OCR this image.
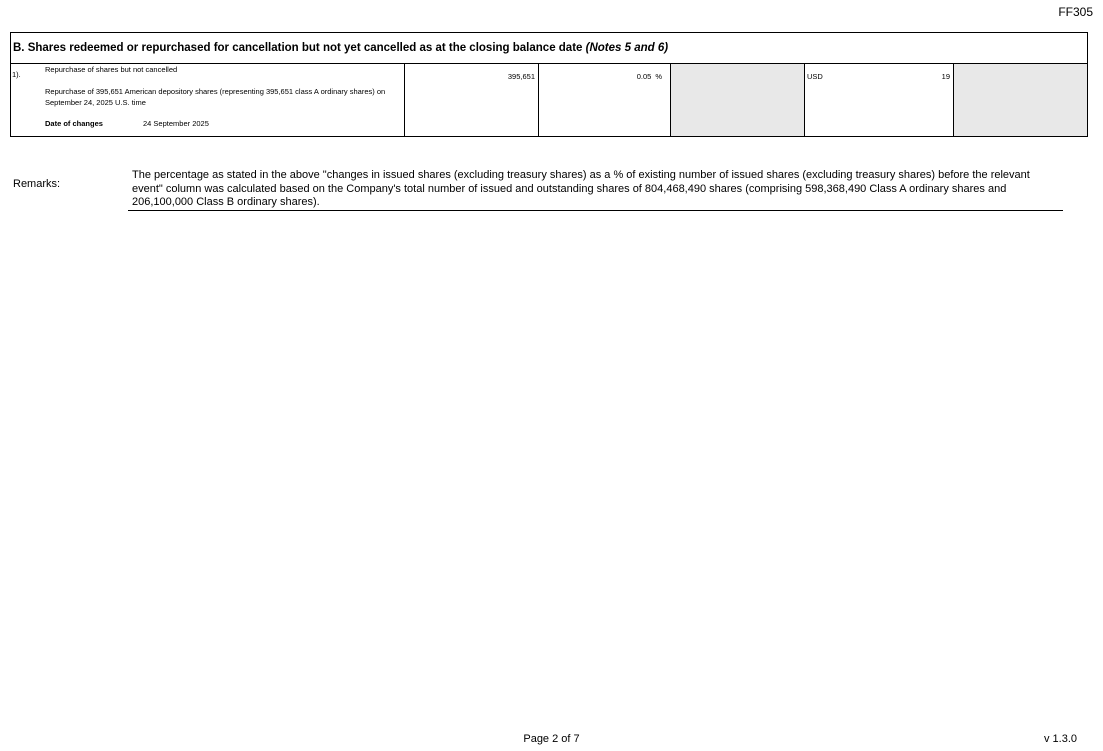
FF305
B. Shares redeemed or repurchased for cancellation but not yet cancelled as at the closing balance date (Notes 5 and 6)
1).
Repurchase of shares but not cancelled
Repurchase of 395,651 American depository shares (representing 395,651 class A ordinary shares) on September 24, 2025 U.S. time
Date of changes	24 September 2025
395,651	0.05 %	USD	19
Remarks:
The percentage as stated in the above "changes in issued shares (excluding treasury shares) as a % of existing number of issued shares (excluding treasury shares) before the relevant event" column was calculated based on the Company's total number of issued and outstanding shares of 804,468,490 shares (comprising 598,368,490 Class A ordinary shares and 206,100,000 Class B ordinary shares).
Page 2 of 7	v 1.3.0
